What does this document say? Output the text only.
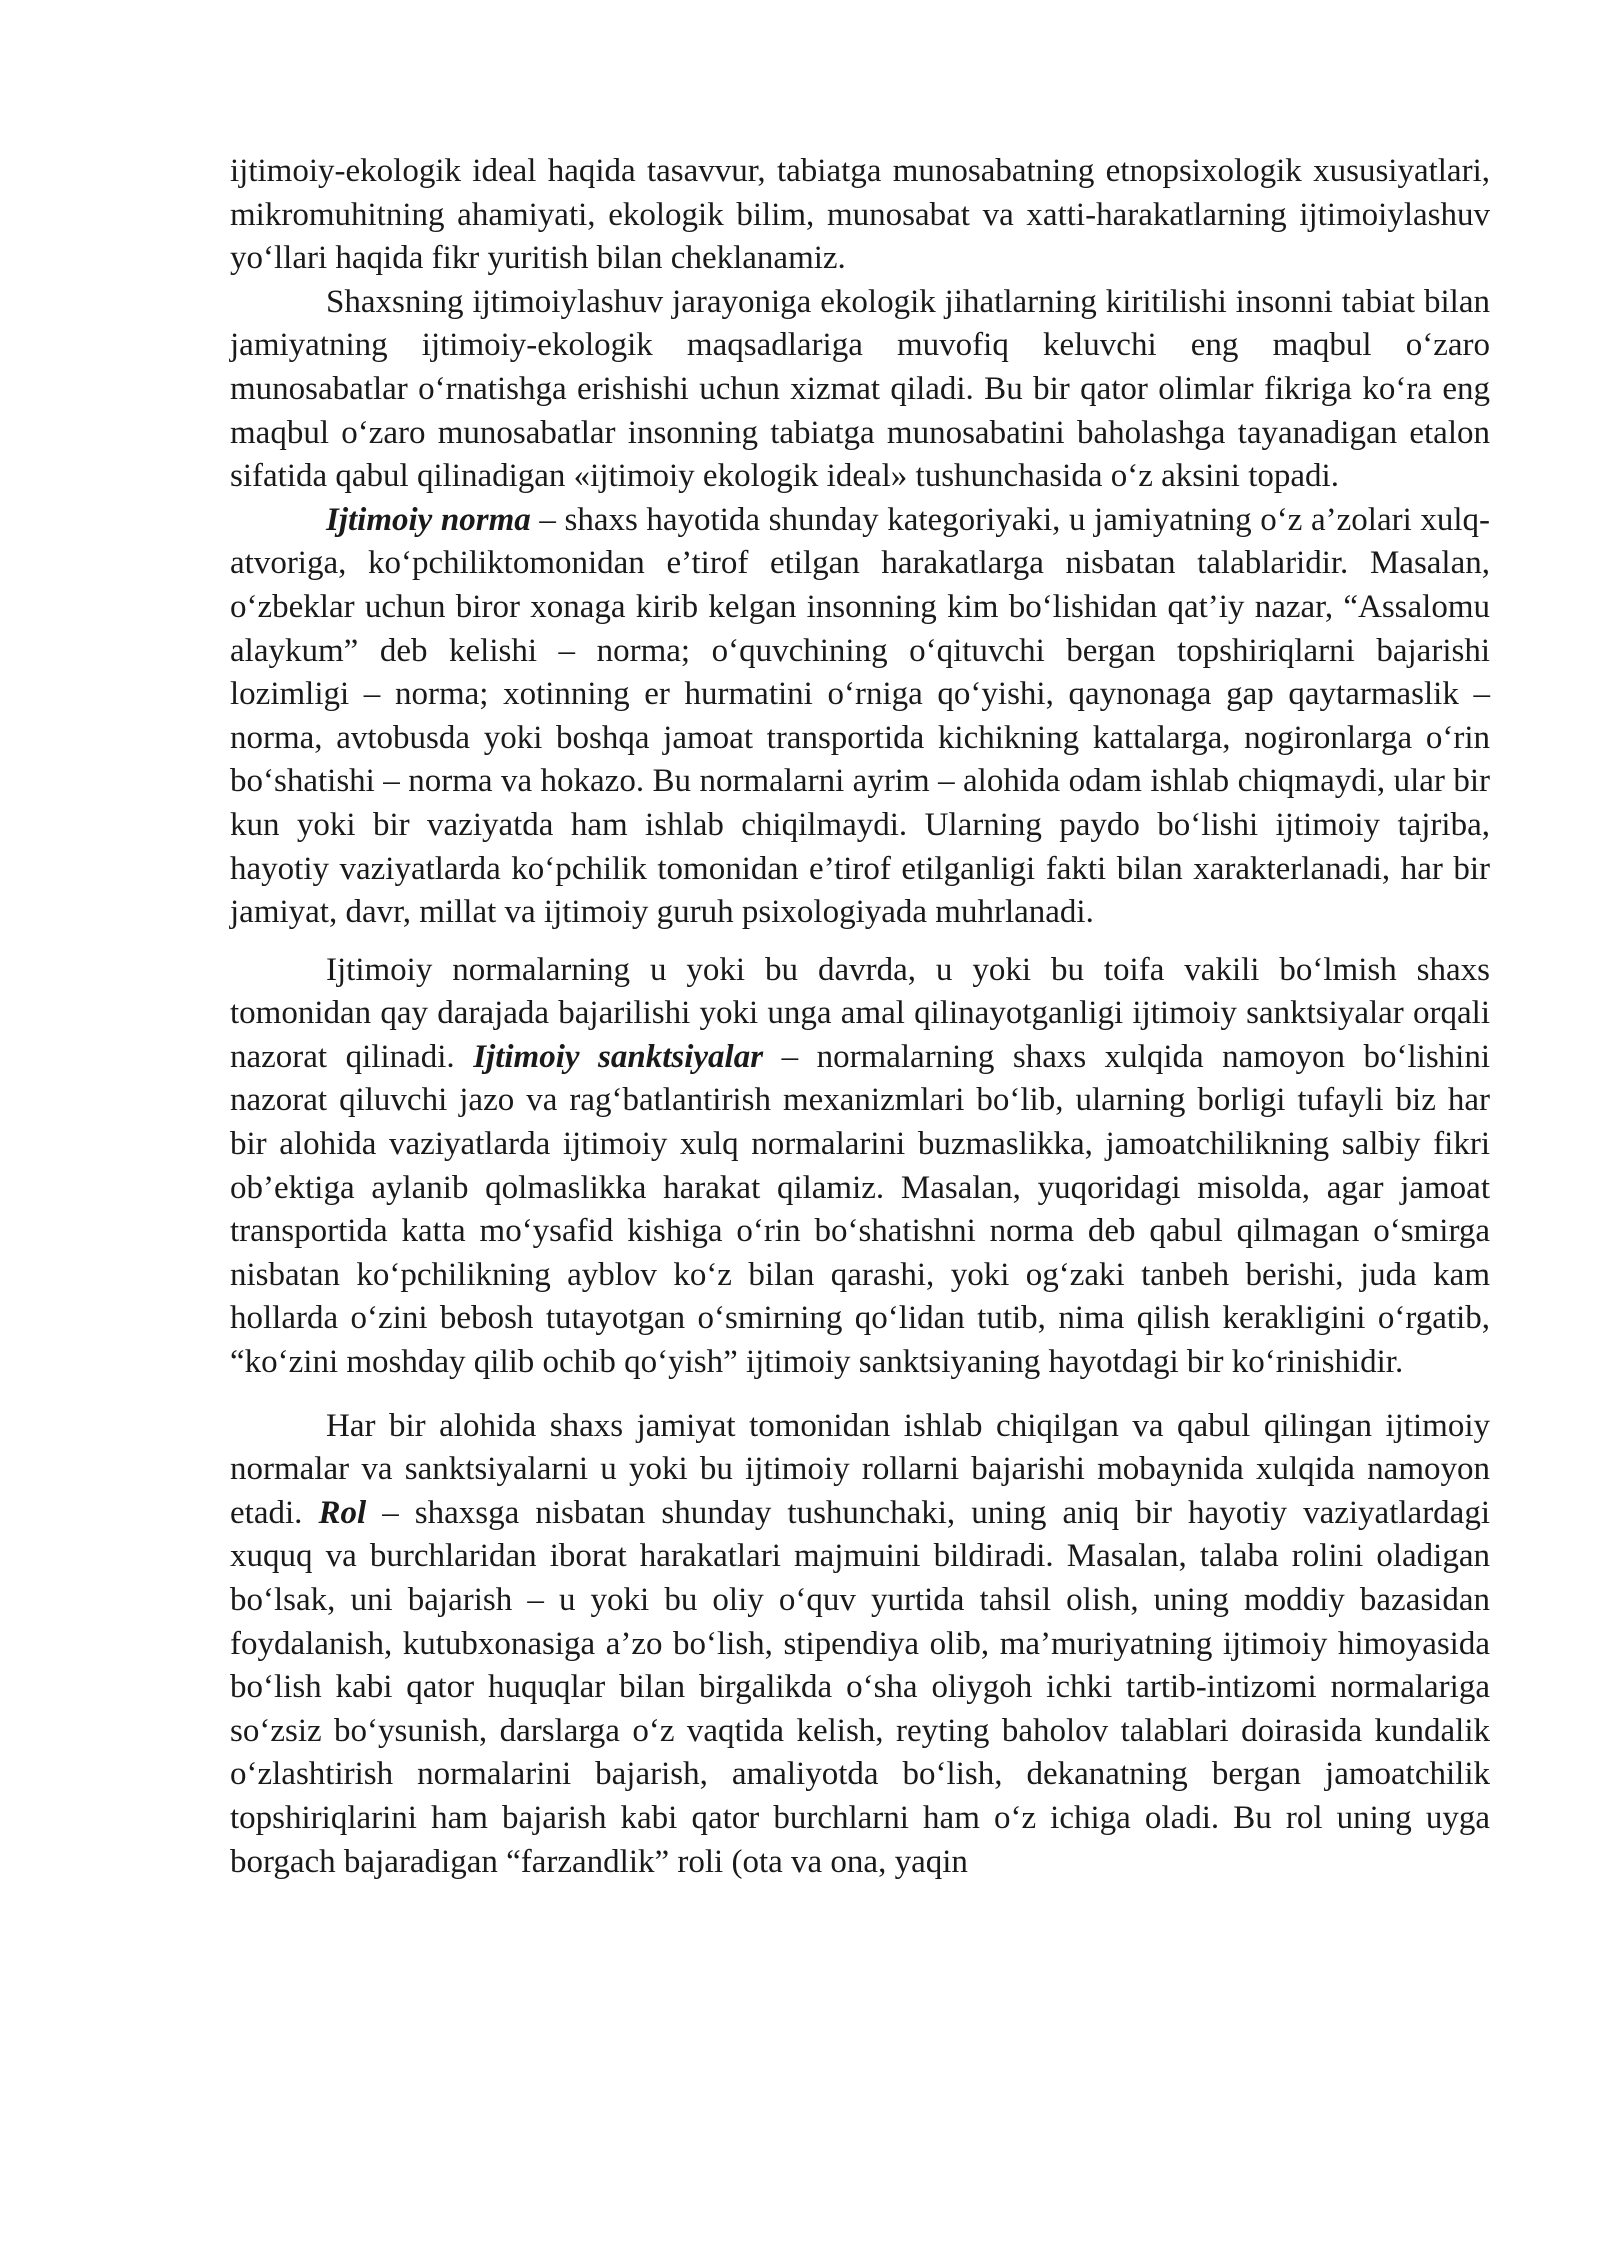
ijtimoiy-ekologik ideal haqida tasavvur, tabiatga munosabatning etnopsixologik xususiyatlari, mikromuhitning ahamiyati, ekologik bilim, munosabat va xatti-harakatlarning ijtimoiylashuv yo‘llari haqida fikr yuritish bilan cheklanamiz.

Shaxsning ijtimoiylashuv jarayoniga ekologik jihatlarning kiritilishi insonni tabiat bilan jamiyatning ijtimoiy-ekologik maqsadlariga muvofiq keluvchi eng maqbul o‘zaro munosabatlar o‘rnatishga erishishi uchun xizmat qiladi. Bu bir qator olimlar fikriga ko‘ra eng maqbul o‘zaro munosabatlar insonning tabiatga munosabatini baholashga tayanadigan etalon sifatida qabul qilinadigan «ijtimoiy ekologik ideal» tushunchasida o‘z aksini topadi.

Ijtimoiy norma – shaxs hayotida shunday kategoriyaki, u jamiyatning o‘z a’zolari xulq-atvoriga, ko‘pchiliktomonidan e’tirof etilgan harakatlarga nisbatan talablaridir. Masalan, o‘zbeklar uchun biror xonaga kirib kelgan insonning kim bo‘lishidan qat’iy nazar, “Assalomu alaykum” deb kelishi – norma; o‘quvchining o‘qituvchi bergan topshiriqlarni bajarishi lozimligi – norma; xotinning er hurmatini o‘rniga qo‘yishi, qaynonaga gap qaytarmaslik – norma, avtobusda yoki boshqa jamoat transportida kichikning kattalarga, nogironlarga o‘rin bo‘shatishi – norma va hokazo. Bu normalarni ayrim – alohida odam ishlab chiqmaydi, ular bir kun yoki bir vaziyatda ham ishlab chiqilmaydi. Ularning paydo bo‘lishi ijtimoiy tajriba, hayotiy vaziyatlarda ko‘pchilik tomonidan e’tirof etilganligi fakti bilan xarakterlanadi, har bir jamiyat, davr, millat va ijtimoiy guruh psixologiyada muhrlanadi.

Ijtimoiy normalarning u yoki bu davrda, u yoki bu toifa vakili bo‘lmish shaxs tomonidan qay darajada bajarilishi yoki unga amal qilinayotganligi ijtimoiy sanktsiyalar orqali nazorat qilinadi. Ijtimoiy sanktsiyalar – normalarning shaxs xulqida namoyon bo‘lishini nazorat qiluvchi jazo va rag‘batlantirish mexanizmlari bo‘lib, ularning borligi tufayli biz har bir alohida vaziyatlarda ijtimoiy xulq normalarini buzmaslikka, jamoatchilikning salbiy fikri ob’ektiga aylanib qolmaslikka harakat qilamiz. Masalan, yuqoridagi misolda, agar jamoat transportida katta mo‘ysafid kishiga o‘rin bo‘shatishni norma deb qabul qilmagan o‘smirga nisbatan ko‘pchilikning ayblov ko‘z bilan qarashi, yoki og‘zaki tanbeh berishi, juda kam hollarda o‘zini bebosh tutayotgan o‘smirning qo‘lidan tutib, nima qilish kerakligini o‘rgatib, “ko‘zini moshday qilib ochib qo‘yish” ijtimoiy sanktsiyaning hayotdagi bir ko‘rinishidir.

Har bir alohida shaxs jamiyat tomonidan ishlab chiqilgan va qabul qilingan ijtimoiy normalar va sanktsiyalarni u yoki bu ijtimoiy rollarni bajarishi mobaynida xulqida namoyon etadi. Rol – shaxsga nisbatan shunday tushunchaki, uning aniq bir hayotiy vaziyatlardagi xuquq va burchlaridan iborat harakatlari majmuini bildiradi. Masalan, talaba rolini oladigan bo‘lsak, uni bajarish – u yoki bu oliy o‘quv yurtida tahsil olish, uning moddiy bazasidan foydalanish, kutubxonasiga a’zo bo‘lish, stipendiya olib, ma’muriyatning ijtimoiy himoyasida bo‘lish kabi qator huquqlar bilan birgalikda o‘sha oliygoh ichki tartib-intizomi normalariga so‘zsiz bo‘ysunish, darslarga o‘z vaqtida kelish, reyting baholov talablari doirasida kundalik o‘zlashtirish normalarini bajarish, amaliyotda bo‘lish, dekanatning bergan jamoatchilik topshiriqlarini ham bajarish kabi qator burchlarni ham o‘z ichiga oladi. Bu rol uning uyga borgach bajaradigan “farzandlik” roli (ota va ona, yaqin
